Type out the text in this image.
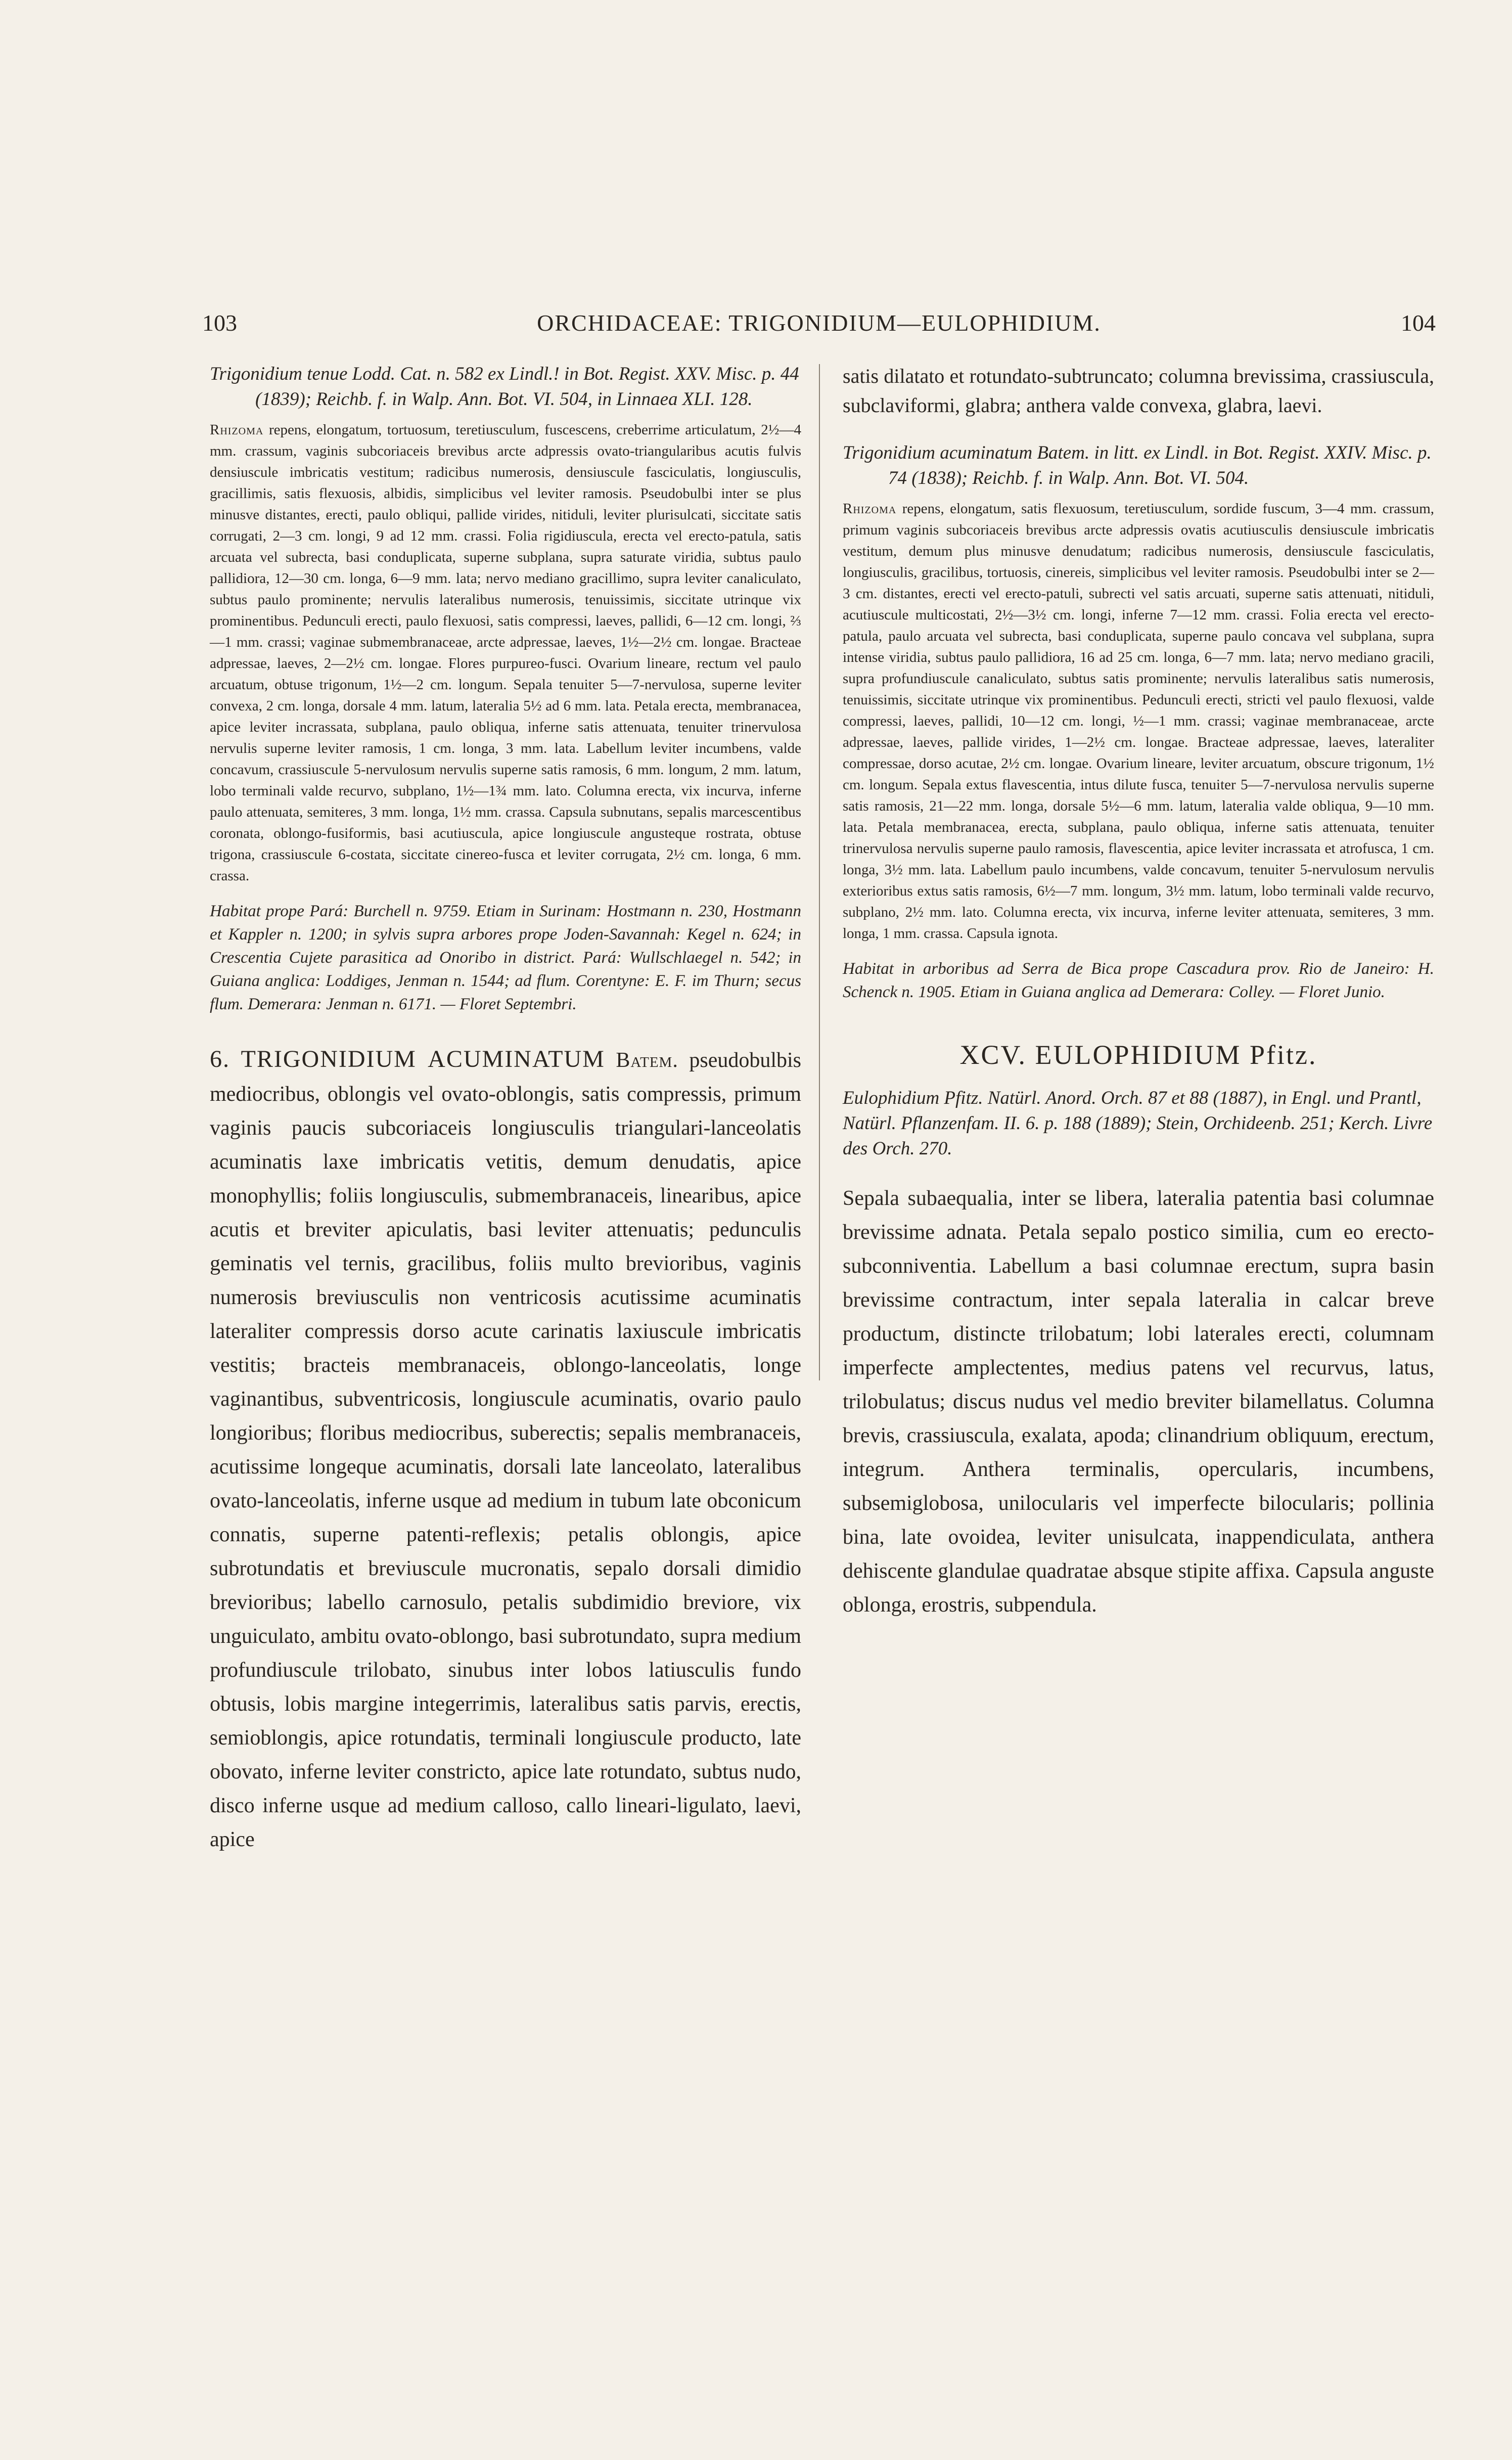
103	ORCHIDACEAE: TRIGONIDIUM—EULOPHIDIUM.	104

Trigonidium tenue Lodd. Cat. n. 582 ex Lindl.! in Bot. Regist. XXV. Misc. p. 44 (1839); Reichb. f. in Walp. Ann. Bot. VI. 504, in Linnaea XLI. 128.

Rhizoma repens, elongatum, tortuosum, teretiusculum, fuscescens, creberrime articulatum, 2½—4 mm. crassum, vaginis subcoriaceis brevibus arcte adpressis ovato-triangularibus acutis fulvis densiuscule imbricatis vestitum; radicibus numerosis, densiuscule fasciculatis, longiusculis, gracillimis, satis flexuosis, albidis, simplicibus vel leviter ramosis. Pseudobulbi inter se plus minusve distantes, erecti, paulo obliqui, pallide virides, nitiduli, leviter plurisulcati, siccitate satis corrugati, 2—3 cm. longi, 9 ad 12 mm. crassi. Folia rigidiuscula, erecta vel erecto-patula, satis arcuata vel subrecta, basi conduplicata, superne subplana, supra saturate viridia, subtus paulo pallidiora, 12—30 cm. longa, 6—9 mm. lata; nervo mediano gracillimo, supra leviter canaliculato, subtus paulo prominente; nervulis lateralibus numerosis, tenuissimis, siccitate utrinque vix prominentibus. Pedunculi erecti, paulo flexuosi, satis compressi, laeves, pallidi, 6—12 cm. longi, ⅔—1 mm. crassi; vaginae submembranaceae, arcte adpressae, laeves, 1½—2½ cm. longae. Bracteae adpressae, laeves, 2—2½ cm. longae. Flores purpureo-fusci. Ovarium lineare, rectum vel paulo arcuatum, obtuse trigonum, 1½—2 cm. longum. Sepala tenuiter 5—7-nervulosa, superne leviter convexa, 2 cm. longa, dorsale 4 mm. latum, lateralia 5½ ad 6 mm. lata. Petala erecta, membranacea, apice leviter incrassata, subplana, paulo obliqua, inferne satis attenuata, tenuiter trinervulosa nervulis superne leviter ramosis, 1 cm. longa, 3 mm. lata. Labellum leviter incumbens, valde concavum, crassiuscule 5-nervulosum nervulis superne satis ramosis, 6 mm. longum, 2 mm. latum, lobo terminali valde recurvo, subplano, 1½—1¾ mm. lato. Columna erecta, vix incurva, inferne paulo attenuata, semiteres, 3 mm. longa, 1½ mm. crassa. Capsula subnutans, sepalis marcescentibus coronata, oblongo-fusiformis, basi acutiuscula, apice longiuscule angusteque rostrata, obtuse trigona, crassiuscule 6-costata, siccitate cinereo-fusca et leviter corrugata, 2½ cm. longa, 6 mm. crassa.

Habitat prope Pará: Burchell n. 9759. Etiam in Surinam: Hostmann n. 230, Hostmann et Kappler n. 1200; in sylvis supra arbores prope Joden-Savannah: Kegel n. 624; in Crescentia Cujete parasitica ad Onoribo in district. Pará: Wullschlaegel n. 542; in Guiana anglica: Loddiges, Jenman n. 1544; ad flum. Corentyne: E. F. im Thurn; secus flum. Demerara: Jenman n. 6171. — Floret Septembri.

6. TRIGONIDIUM ACUMINATUM Batem. pseudobulbis mediocribus, oblongis vel ovato-oblongis, satis compressis, primum vaginis paucis subcoriaceis longiusculis triangulari-lanceolatis acuminatis laxe imbricatis vetitis, demum denudatis, apice monophyllis; foliis longiusculis, submembranaceis, linearibus, apice acutis et breviter apiculatis, basi leviter attenuatis; pedunculis geminatis vel ternis, gracilibus, foliis multo brevioribus, vaginis numerosis breviusculis non ventricosis acutissime acuminatis lateraliter compressis dorso acute carinatis laxiuscule imbricatis vestitis; bracteis membranaceis, oblongo-lanceolatis, longe vaginantibus, subventricosis, longiuscule acuminatis, ovario paulo longioribus; floribus mediocribus, suberectis; sepalis membranaceis, acutissime longeque acuminatis, dorsali late lanceolato, lateralibus ovato-lanceolatis, inferne usque ad medium in tubum late obconicum connatis, superne patenti-reflexis; petalis oblongis, apice subrotundatis et breviuscule mucronatis, sepalo dorsali dimidio brevioribus; labello carnosulo, petalis subdimidio breviore, vix unguiculato, ambitu ovato-oblongo, basi subrotundato, supra medium profundiuscule trilobato, sinubus inter lobos latiusculis fundo obtusis, lobis margine integerrimis, lateralibus satis parvis, erectis, semioblongis, apice rotundatis, terminali longiuscule producto, late obovato, inferne leviter constricto, apice late rotundato, subtus nudo, disco inferne usque ad medium calloso, callo lineari-ligulato, laevi, apice

satis dilatato et rotundato-subtruncato; columna brevissima, crassiuscula, subclaviformi, glabra; anthera valde convexa, glabra, laevi.

Trigonidium acuminatum Batem. in litt. ex Lindl. in Bot. Regist. XXIV. Misc. p. 74 (1838); Reichb. f. in Walp. Ann. Bot. VI. 504.

Rhizoma repens, elongatum, satis flexuosum, teretiusculum, sordide fuscum, 3—4 mm. crassum, primum vaginis subcoriaceis brevibus arcte adpressis ovatis acutiusculis densiuscule imbricatis vestitum, demum plus minusve denudatum; radicibus numerosis, densiuscule fasciculatis, longiusculis, gracilibus, tortuosis, cinereis, simplicibus vel leviter ramosis. Pseudobulbi inter se 2—3 cm. distantes, erecti vel erecto-patuli, subrecti vel satis arcuati, superne satis attenuati, nitiduli, acutiuscule multicostati, 2½—3½ cm. longi, inferne 7—12 mm. crassi. Folia erecta vel erecto-patula, paulo arcuata vel subrecta, basi conduplicata, superne paulo concava vel subplana, supra intense viridia, subtus paulo pallidiora, 16 ad 25 cm. longa, 6—7 mm. lata; nervo mediano gracili, supra profundiuscule canaliculato, subtus satis prominente; nervulis lateralibus satis numerosis, tenuissimis, siccitate utrinque vix prominentibus. Pedunculi erecti, stricti vel paulo flexuosi, valde compressi, laeves, pallidi, 10—12 cm. longi, ½—1 mm. crassi; vaginae membranaceae, arcte adpressae, laeves, pallide virides, 1—2½ cm. longae. Bracteae adpressae, laeves, lateraliter compressae, dorso acutae, 2½ cm. longae. Ovarium lineare, leviter arcuatum, obscure trigonum, 1½ cm. longum. Sepala extus flavescentia, intus dilute fusca, tenuiter 5—7-nervulosa nervulis superne satis ramosis, 21—22 mm. longa, dorsale 5½—6 mm. latum, lateralia valde obliqua, 9—10 mm. lata. Petala membranacea, erecta, subplana, paulo obliqua, inferne satis attenuata, tenuiter trinervulosa nervulis superne paulo ramosis, flavescentia, apice leviter incrassata et atrofusca, 1 cm. longa, 3½ mm. lata. Labellum paulo incumbens, valde concavum, tenuiter 5-nervulosum nervulis exterioribus extus satis ramosis, 6½—7 mm. longum, 3½ mm. latum, lobo terminali valde recurvo, subplano, 2½ mm. lato. Columna erecta, vix incurva, inferne leviter attenuata, semiteres, 3 mm. longa, 1 mm. crassa. Capsula ignota.

Habitat in arboribus ad Serra de Bica prope Cascadura prov. Rio de Janeiro: H. Schenck n. 1905. Etiam in Guiana anglica ad Demerara: Colley. — Floret Junio.

XCV. EULOPHIDIUM Pfitz.

Eulophidium Pfitz. Natürl. Anord. Orch. 87 et 88 (1887), in Engl. und Prantl, Natürl. Pflanzenfam. II. 6. p. 188 (1889); Stein, Orchideenb. 251; Kerch. Livre des Orch. 270.

Sepala subaequalia, inter se libera, lateralia patentia basi columnae brevissime adnata. Petala sepalo postico similia, cum eo erecto-subconniventia. Labellum a basi columnae erectum, supra basin brevissime contractum, inter sepala lateralia in calcar breve productum, distincte trilobatum; lobi laterales erecti, columnam imperfecte amplectentes, medius patens vel recurvus, latus, trilobulatus; discus nudus vel medio breviter bilamellatus. Columna brevis, crassiuscula, exalata, apoda; clinandrium obliquum, erectum, integrum. Anthera terminalis, opercularis, incumbens, subsemiglobosa, unilocularis vel imperfecte bilocularis; pollinia bina, late ovoidea, leviter unisulcata, inappendiculata, anthera dehiscente glandulae quadratae absque stipite affixa. Capsula anguste oblonga, erostris, subpendula.
